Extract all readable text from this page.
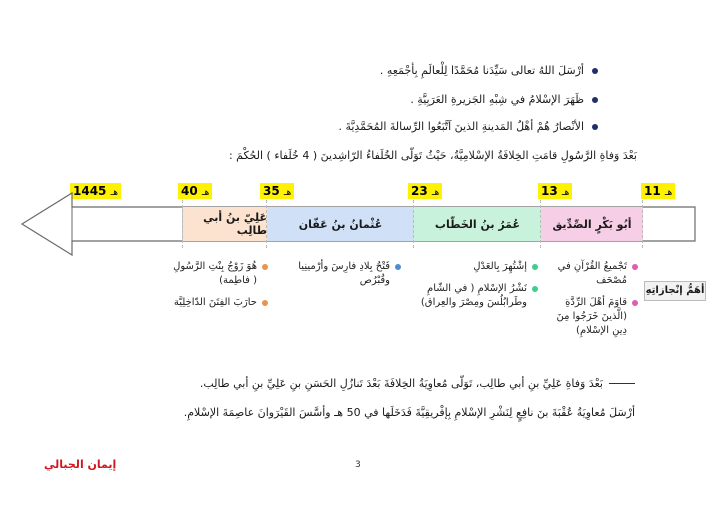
أرْسَلَ اللهُ تعالى سَيِّدَنا مُحَمَّدًا لِلْعالَمِ بِأجْمَعِهِ .
ظَهَرَ الإسْلامُ في شِبْهِ الجَزيرةِ العَرَبِيَّةِ .
الأنْصارُ هُمْ أهْلُ المَدينةِ الذينَ آتَّبَعُوا الرِّسالةَ المُحَمَّدِيَّةَ .
بَعْدَ وَفاةِ الرَّسُولِ قامَتِ الخِلافَةُ الإسْلامِيَّةُ، حَيْثُ تَوَلّى الخُلَفاءُ الرّاشِدينَ ( 4 خُلَفاء ) الحُكْمَ :
11 هـ
13 هـ
23 هـ
35 هـ
40 هـ
1445 هـ
أبُو بَكْرٍ الصِّدِّيق
عُمَرُ بنُ الخَطّاب
عُثْمانُ بنُ عَفّان
عَلِيّ بنُ أبي طالِب
أهَمُّ إنْجازاتِهِ
تَجْميعُ القُرْآنِ في مُصْحَف
قاوَمَ أهْلَ الرِّدَّةِ (الَّذينَ خَرَجُوا مِنَ دِينِ الإسْلامِ)
إشْتُهِرَ بِالعَدْلِ
نَشْرُ الإسْلامِ ( في الشّامِ وطَرابُلُسَ ومِصْرَ والعِراق)
فَتْحُ بِلادِ فارِسَ وأرْمينِيا وقُبْرُص
هُوَ زَوْجُ بِنْتِ الرَّسُولِ ( فاطِمة)
حارَبَ الفِتَنَ الدّاخِلِيَّة
بَعْدَ وَفاةِ عَلِيِّ بنِ أبي طالِب، تَوَلّى مُعاوِيَةُ الخِلافَةَ بَعْدَ تَنازُلِ الحَسَنِ بنِ عَلِيِّ بنِ أبي طالِب.
أرْسَلَ مُعاوِيَةُ عُقْبَةَ بنَ نافِعٍ لِنَشْرِ الإسْلامِ بِإفْريقِيَّةَ فَدَخَلَها في 50 هـ وأسَّسَ القَيْرَوانَ عاصِمَةَ الإسْلامِ.
إيمان الجبالي	3
